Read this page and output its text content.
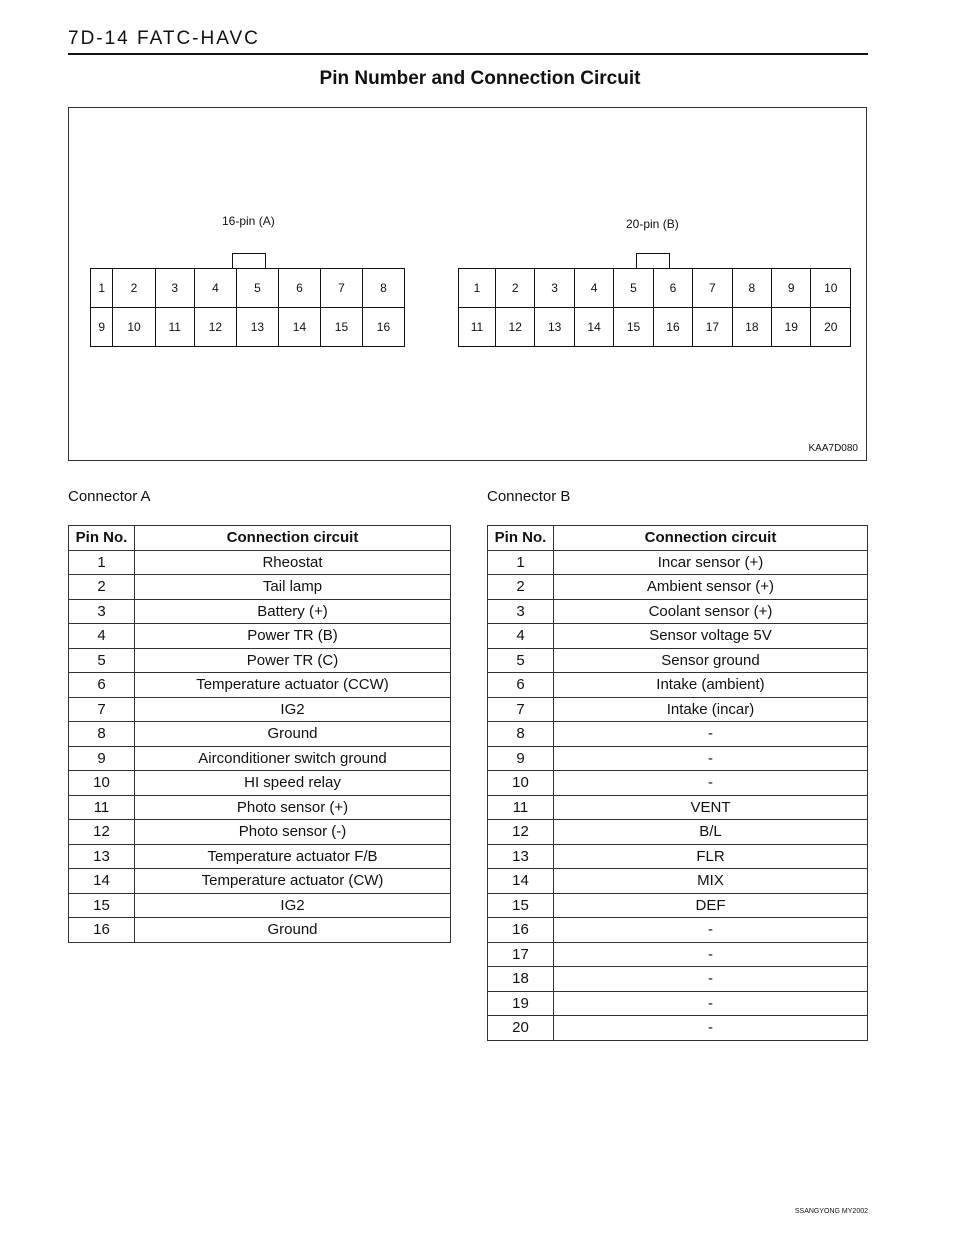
7D-14 FATC-HAVC
Pin Number and Connection Circuit
16-pin (A)
1	2	3	4	5	6	7	8
9	10	11	12	13	14	15	16
20-pin (B)
1	2	3	4	5	6	7	8	9	10
11	12	13	14	15	16	17	18	19	20
KAA7D080
Connector A	Connector B
Pin No.	Connection circuit
1	Rheostat
2	Tail lamp
3	Battery (+)
4	Power TR (B)
5	Power TR (C)
6	Temperature actuator (CCW)
7	IG2
8	Ground
9	Airconditioner switch ground
10	HI speed relay
11	Photo sensor (+)
12	Photo sensor (-)
13	Temperature actuator F/B
14	Temperature actuator (CW)
15	IG2
16	Ground
Pin No.	Connection circuit
1	Incar sensor (+)
2	Ambient sensor (+)
3	Coolant sensor (+)
4	Sensor voltage 5V
5	Sensor ground
6	Intake (ambient)
7	Intake (incar)
8	-
9	-
10	-
11	VENT
12	B/L
13	FLR
14	MIX
15	DEF
16	-
17	-
18	-
19	-
20	-
SSANGYONG MY2002
